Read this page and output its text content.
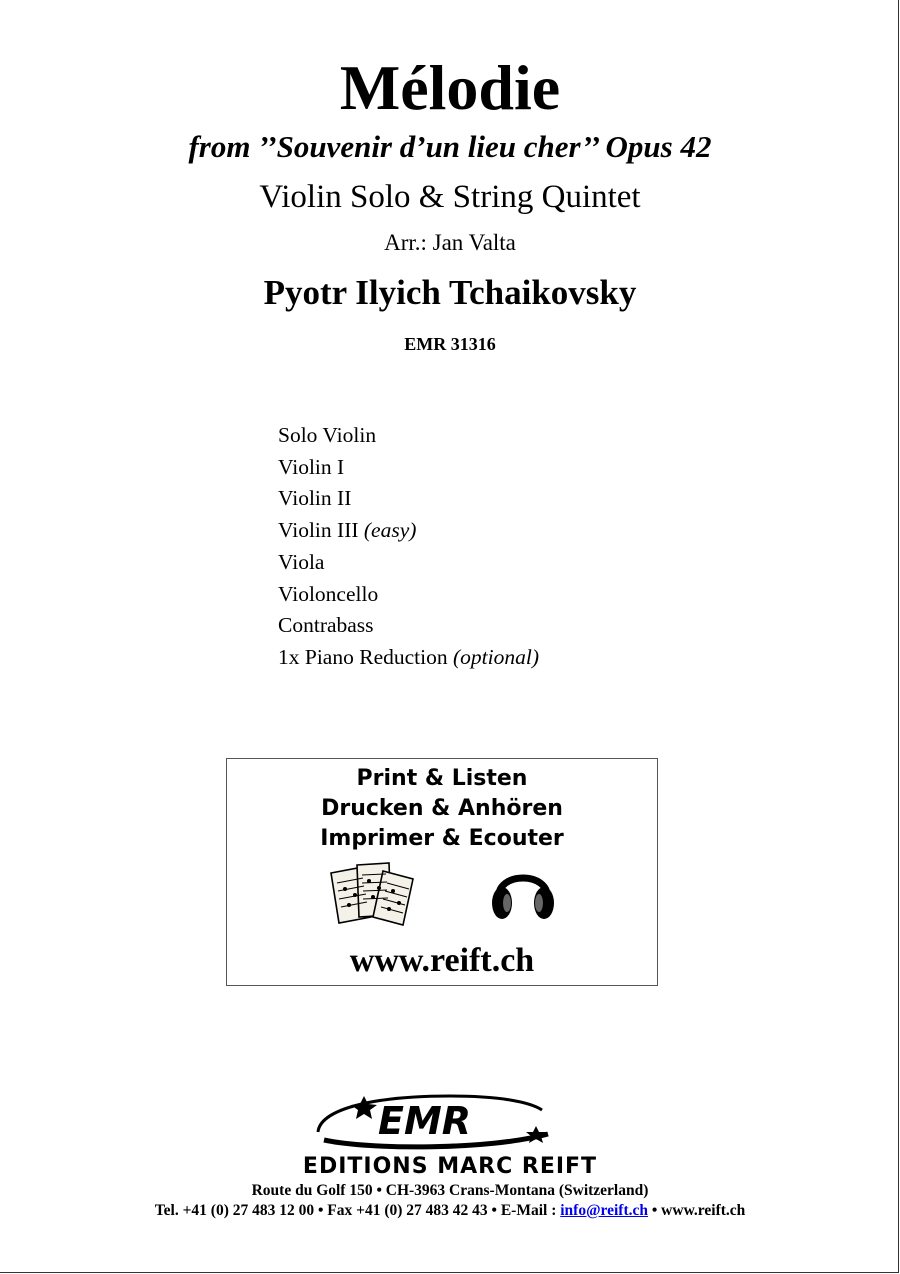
Mélodie
from ’’Souvenir d’un lieu cher’’ Opus 42
Violin Solo & String Quintet
Arr.: Jan Valta
Pyotr Ilyich Tchaikovsky
EMR 31316
Solo Violin
Violin I
Violin II
Violin III (easy)
Viola
Violoncello
Contrabass
1x Piano Reduction (optional)
Print & Listen
Drucken & Anhören
Imprimer & Ecouter
www.reift.ch
EMR
EDITIONS MARC REIFT
Route du Golf 150 • CH-3963 Crans-Montana (Switzerland)
Tel. +41 (0) 27 483 12 00 • Fax +41 (0) 27 483 42 43 • E-Mail : info@reift.ch • www.reift.ch
